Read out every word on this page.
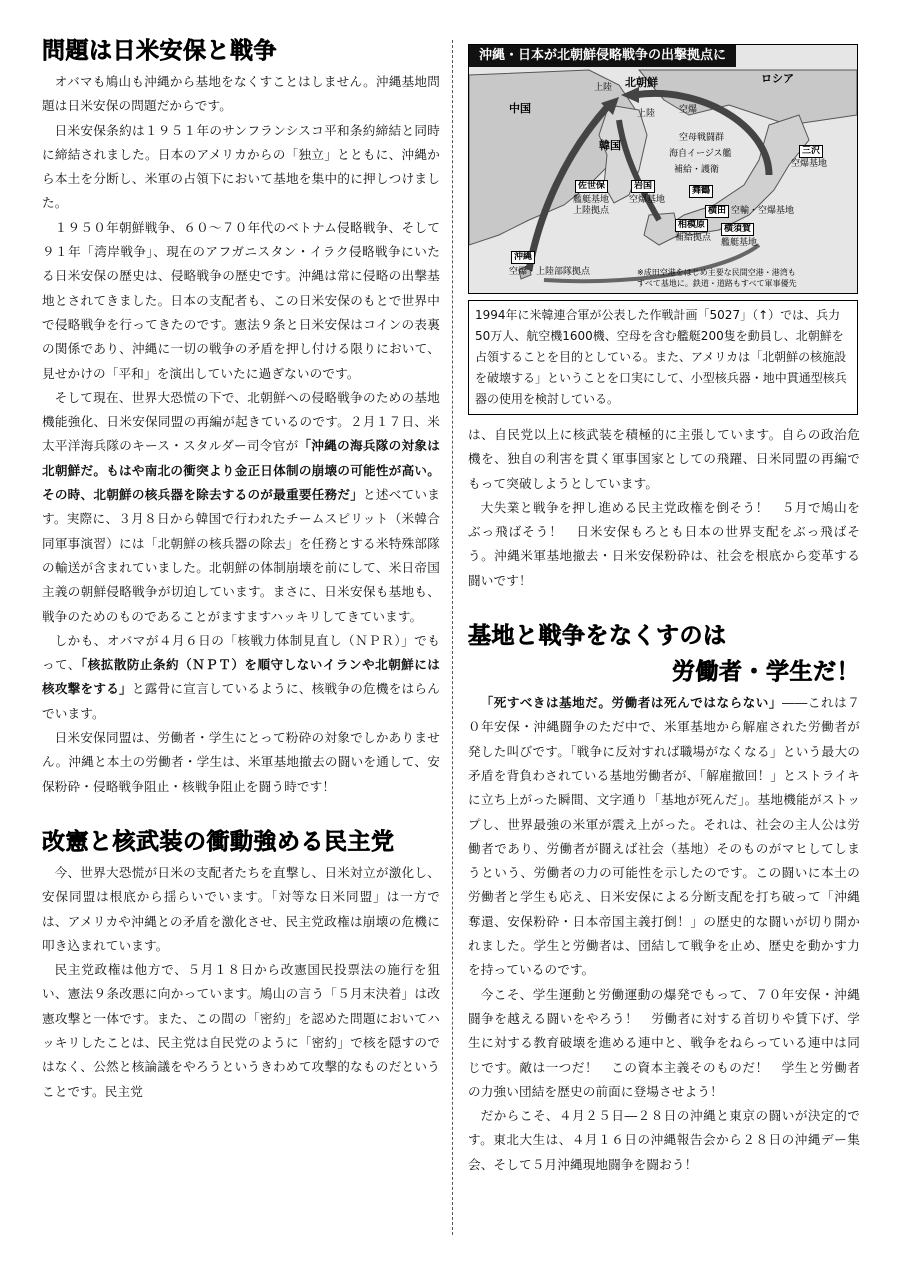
問題は日米安保と戦争

オバマも鳩山も沖縄から基地をなくすことはしません。沖縄基地問題は日米安保の問題だからです。

日米安保条約は１９５１年のサンフランシスコ平和条約締結と同時に締結されました。日本のアメリカからの「独立」とともに、沖縄から本土を分断し、米軍の占領下において基地を集中的に押しつけました。

１９５０年朝鮮戦争、６０～７０年代のベトナム侵略戦争、そして９１年「湾岸戦争」、現在のアフガニスタン・イラク侵略戦争にいたる日米安保の歴史は、侵略戦争の歴史です。沖縄は常に侵略の出撃基地とされてきました。日本の支配者も、この日米安保のもとで世界中で侵略戦争を行ってきたのです。憲法９条と日米安保はコインの表裏の関係であり、沖縄に一切の戦争の矛盾を押し付ける限りにおいて、見せかけの「平和」を演出していたに過ぎないのです。

そして現在、世界大恐慌の下で、北朝鮮への侵略戦争のための基地機能強化、日米安保同盟の再編が起きているのです。２月１７日、米太平洋海兵隊のキース・スタルダー司令官が「沖縄の海兵隊の対象は北朝鮮だ。もはや南北の衝突より金正日体制の崩壊の可能性が高い。その時、北朝鮮の核兵器を除去するのが最重要任務だ」と述べています。実際に、３月８日から韓国で行われたチームスピリット（米韓合同軍事演習）には「北朝鮮の核兵器の除去」を任務とする米特殊部隊の輸送が含まれていました。北朝鮮の体制崩壊を前にして、米日帝国主義の朝鮮侵略戦争が切迫しています。まさに、日米安保も基地も、戦争のためのものであることがますますハッキリしてきています。

しかも、オバマが４月６日の「核戦力体制見直し（ＮＰＲ）」でもって、「核拡散防止条約（ＮＰＴ）を順守しないイランや北朝鮮には核攻撃をする」と露骨に宣言しているように、核戦争の危機をはらんでいます。

日米安保同盟は、労働者・学生にとって粉砕の対象でしかありません。沖縄と本土の労働者・学生は、米軍基地撤去の闘いを通して、安保粉砕・侵略戦争阻止・核戦争阻止を闘う時です！

改憲と核武装の衝動強める民主党

今、世界大恐慌が日米の支配者たちを直撃し、日米対立が激化し、安保同盟は根底から揺らいでいます。「対等な日米同盟」は一方では、アメリカや沖縄との矛盾を激化させ、民主党政権は崩壊の危機に叩き込まれています。

民主党政権は他方で、５月１８日から改憲国民投票法の施行を狙い、憲法９条改悪に向かっています。鳩山の言う「５月末決着」は改憲攻撃と一体です。また、この間の「密約」を認めた問題においてハッキリしたことは、民主党は自民党のように「密約」で核を隠すのではなく、公然と核論議をやろうというきわめて攻撃的なものだということです。民主党

沖縄・日本が北朝鮮侵略戦争の出撃拠点に
ロシア
中国
北朝鮮
上陸
上陸
韓国
空爆
空母戦闘群
海自イージス艦
補給・護衛
三沢
空爆基地
佐世保
艦艇基地
上陸拠点
岩国
空爆基地
舞鶴
横田 空輸・空爆基地
相模原
補給拠点
横須賀
艦艇基地
沖縄
空爆・上陸部隊拠点	※成田空港をはじめ主要な民間空港・港湾も
すべて基地に。鉄道・道路もすべて軍事優先
1994年に米韓連合軍が公表した作戦計画「5027」（↑）では、兵力50万人、航空機1600機、空母を含む艦艇200隻を動員し、北朝鮮を占領することを目的としている。また、アメリカは「北朝鮮の核施設を破壊する」ということを口実にして、小型核兵器・地中貫通型核兵器の使用を検討している。

は、自民党以上に核武装を積極的に主張しています。自らの政治危機を、独自の利害を貫く軍事国家としての飛躍、日米同盟の再編でもって突破しようとしています。

大失業と戦争を押し進める民主党政権を倒そう！　５月で鳩山をぶっ飛ばそう！　日米安保もろとも日本の世界支配をぶっ飛ばそう。沖縄米軍基地撤去・日米安保粉砕は、社会を根底から変革する闘いです！

基地と戦争をなくすのは
労働者・学生だ！

「死すべきは基地だ。労働者は死んではならない」――これは７０年安保・沖縄闘争のただ中で、米軍基地から解雇された労働者が発した叫びです。「戦争に反対すれば職場がなくなる」という最大の矛盾を背負わされている基地労働者が、「解雇撤回！」とストライキに立ち上がった瞬間、文字通り「基地が死んだ」。基地機能がストップし、世界最強の米軍が震え上がった。それは、社会の主人公は労働者であり、労働者が闘えば社会（基地）そのものがマヒしてしまうという、労働者の力の可能性を示したのです。この闘いに本土の労働者と学生も応え、日米安保による分断支配を打ち破って「沖縄奪還、安保粉砕・日本帝国主義打倒！」の歴史的な闘いが切り開かれました。学生と労働者は、団結して戦争を止め、歴史を動かす力を持っているのです。

今こそ、学生運動と労働運動の爆発でもって、７０年安保・沖縄闘争を越える闘いをやろう！　労働者に対する首切りや賃下げ、学生に対する教育破壊を進める連中と、戦争をねらっている連中は同じです。敵は一つだ！　この資本主義そのものだ！　学生と労働者の力強い団結を歴史の前面に登場させよう！

だからこそ、４月２５日―２８日の沖縄と東京の闘いが決定的です。東北大生は、４月１６日の沖縄報告会から２８日の沖縄デー集会、そして５月沖縄現地闘争を闘おう！
